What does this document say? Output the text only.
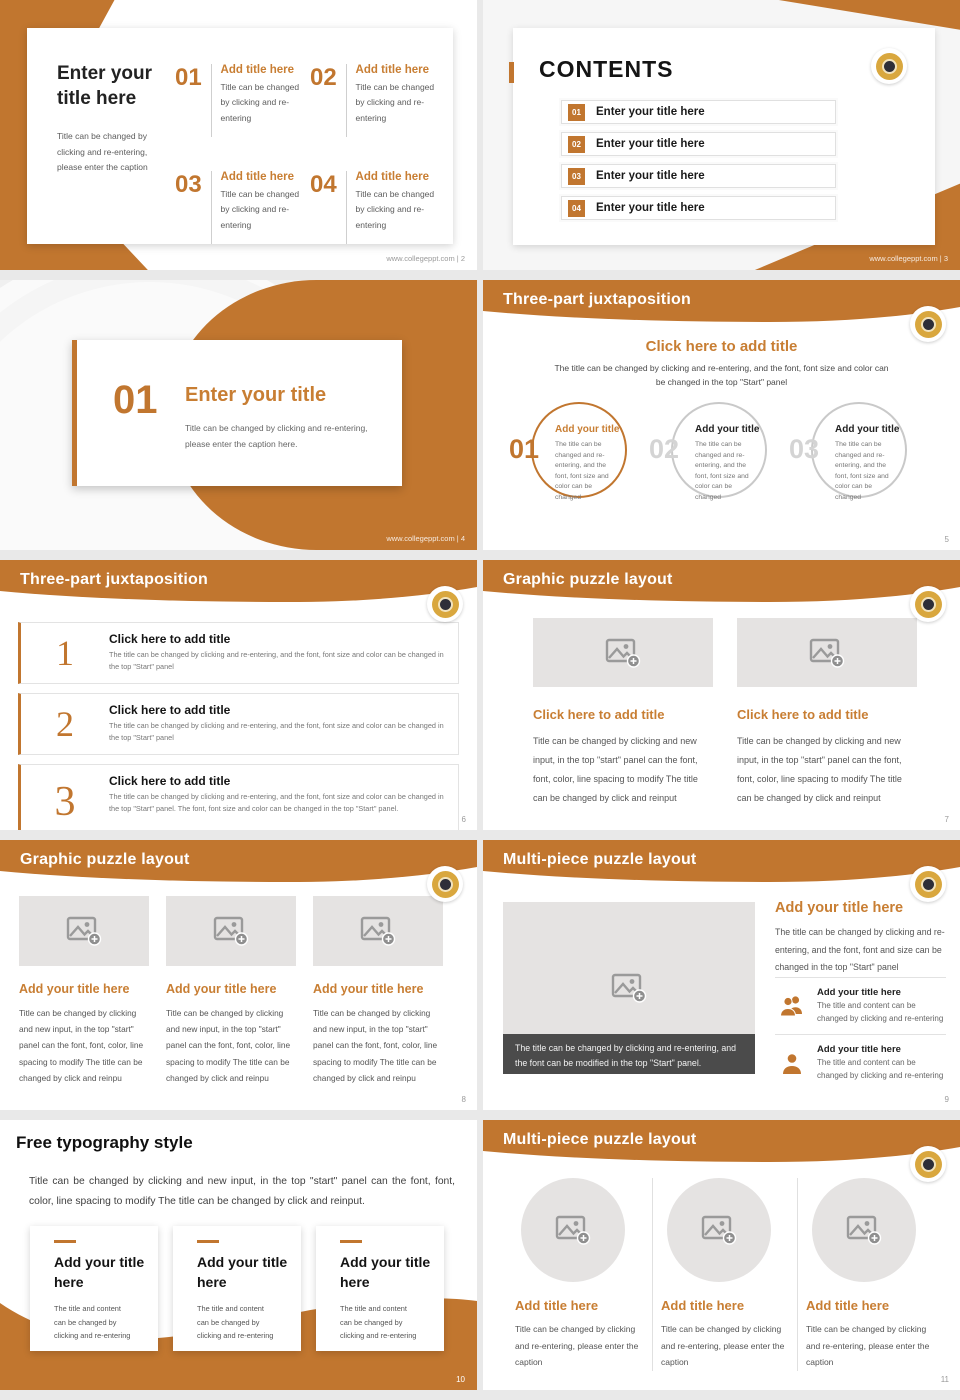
Enter your title here
Title can be changed by clicking and re-entering, please enter the caption
01 Add title here
Title can be changed by clicking and re-entering
02 Add title here
Title can be changed by clicking and re-entering
03 Add title here
Title can be changed by clicking and re-entering
04 Add title here
Title can be changed by clicking and re-entering
www.collegeppt.com | 2
CONTENTS
01	Enter your title here
02	Enter your title here
03	Enter your title here
04	Enter your title here
www.collegeppt.com | 3
01 Enter your title
Title can be changed by clicking and re-entering, please enter the caption here.
www.collegeppt.com | 4
Three-part juxtaposition
Click here to add title
The title can be changed by clicking and re-entering, and the font, font size and color can be changed in the top "Start" panel
01
Add your title
The title can be changed and re-entering, and the font, font size and color can be changed
02
Add your title
The title can be changed and re-entering, and the font, font size and color can be changed
03
Add your title
The title can be changed and re-entering, and the font, font size and color can be changed
5
Three-part juxtaposition
1	Click here to add title
The title can be changed by clicking and re-entering, and the font, font size and color can be changed in the top "Start" panel
2	Click here to add title
The title can be changed by clicking and re-entering, and the font, font size and color can be changed in the top "Start" panel
3	Click here to add title
The title can be changed by clicking and re-entering, and the font, font size and color can be changed in the top "Start" panel. The font, font size and color can be changed in the top "Start" panel.
6
Graphic puzzle layout
Click here to add title
Title can be changed by clicking and new input, in the top "start" panel can the font, font, color, line spacing to modify The title can be changed by click and reinput
Click here to add title
Title can be changed by clicking and new input, in the top "start" panel can the font, font, color, line spacing to modify The title can be changed by click and reinput
7
Graphic puzzle layout
Add your title here
Title can be changed by clicking and new input, in the top "start" panel can the font, font, color, line spacing to modify The title can be changed by click and reinpu
Add your title here
Title can be changed by clicking and new input, in the top "start" panel can the font, font, color, line spacing to modify The title can be changed by click and reinpu
Add your title here
Title can be changed by clicking and new input, in the top "start" panel can the font, font, color, line spacing to modify The title can be changed by click and reinpu
8
Multi-piece puzzle layout
The title can be changed by clicking and re-entering, and the font can be modified in the top "Start" panel.
Add your title here
The title can be changed by clicking and re-entering, and the font, font and size can be changed in the top "Start" panel
Add your title here
The title and content can be changed by clicking and re-entering
Add your title here
The title and content can be changed by clicking and re-entering
9
Free typography style
Title can be changed by clicking and new input, in the top "start" panel can the font, font, color, line spacing to modify The title can be changed by click and reinput.
Add your title here
The title and content can be changed by clicking and re-entering
Add your title here
The title and content can be changed by clicking and re-entering
Add your title here
The title and content can be changed by clicking and re-entering
10
Multi-piece puzzle layout
Add title here
Title can be changed by clicking and re-entering, please enter the caption
Add title here
Title can be changed by clicking and re-entering, please enter the caption
Add title here
Title can be changed by clicking and re-entering, please enter the caption
11
